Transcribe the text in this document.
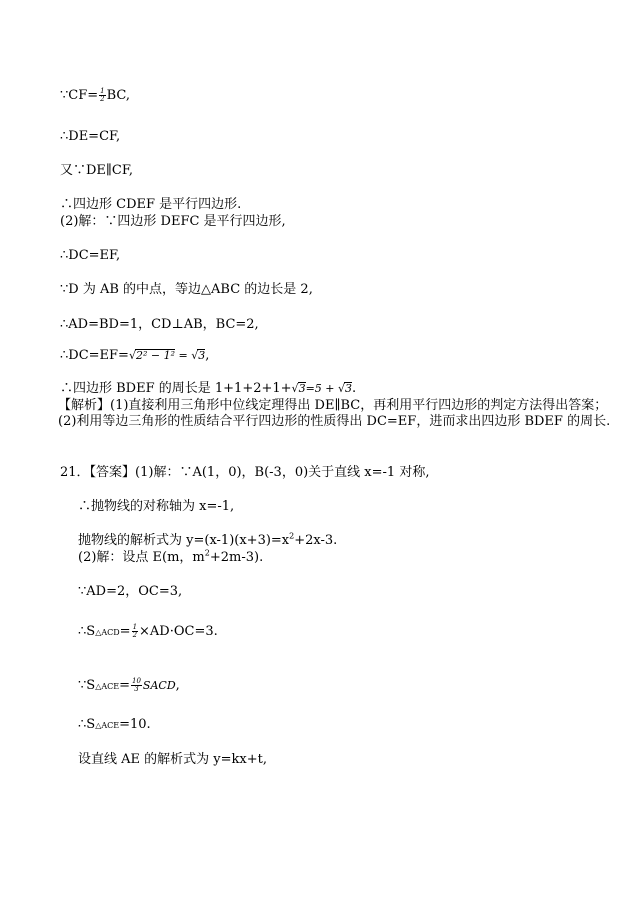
∵CF= $\frac{1}{2}$ BC,
∴DE=CF,
又∵DE∥CF,
∴四边形 CDEF 是平行四边形.
(2)解：∵四边形 DEFC 是平行四边形,
∴DC=EF,
∵D 为 AB 的中点，等边△ABC 的边长是 2,
∴AD=BD=1，CD⊥AB，BC=2,
∴DC=EF=√2² − 1² = √3,
∴四边形 BDEF 的周长是 1+1+2+1+√3=5 + √3.
【解析】(1)直接利用三角形中位线定理得出 DE∥BC，再利用平行四边形的判定方法得出答案；
(2)利用等边三角形的性质结合平行四边形的性质得出 DC=EF，进而求出四边形 BDEF 的周长.
21．【答案】(1)解：∵A(1，0)，B(-3，0)关于直线 x=-1 对称,
∴抛物线的对称轴为 x=-1,
抛物线的解析式为 $y=(x-1)(x+3)=x^2+2x-3$.
(2)解：设点 E(m，$m^2+2m-3$).
∵AD=2，OC=3,
∴S△ACD= $\frac{1}{2} \times AD\cdot OC=3$.
∵S△ACE= $\frac{10}{3}$ SACD,
∴S△ACE=10.
设直线 AE 的解析式为 y=kx+t,
